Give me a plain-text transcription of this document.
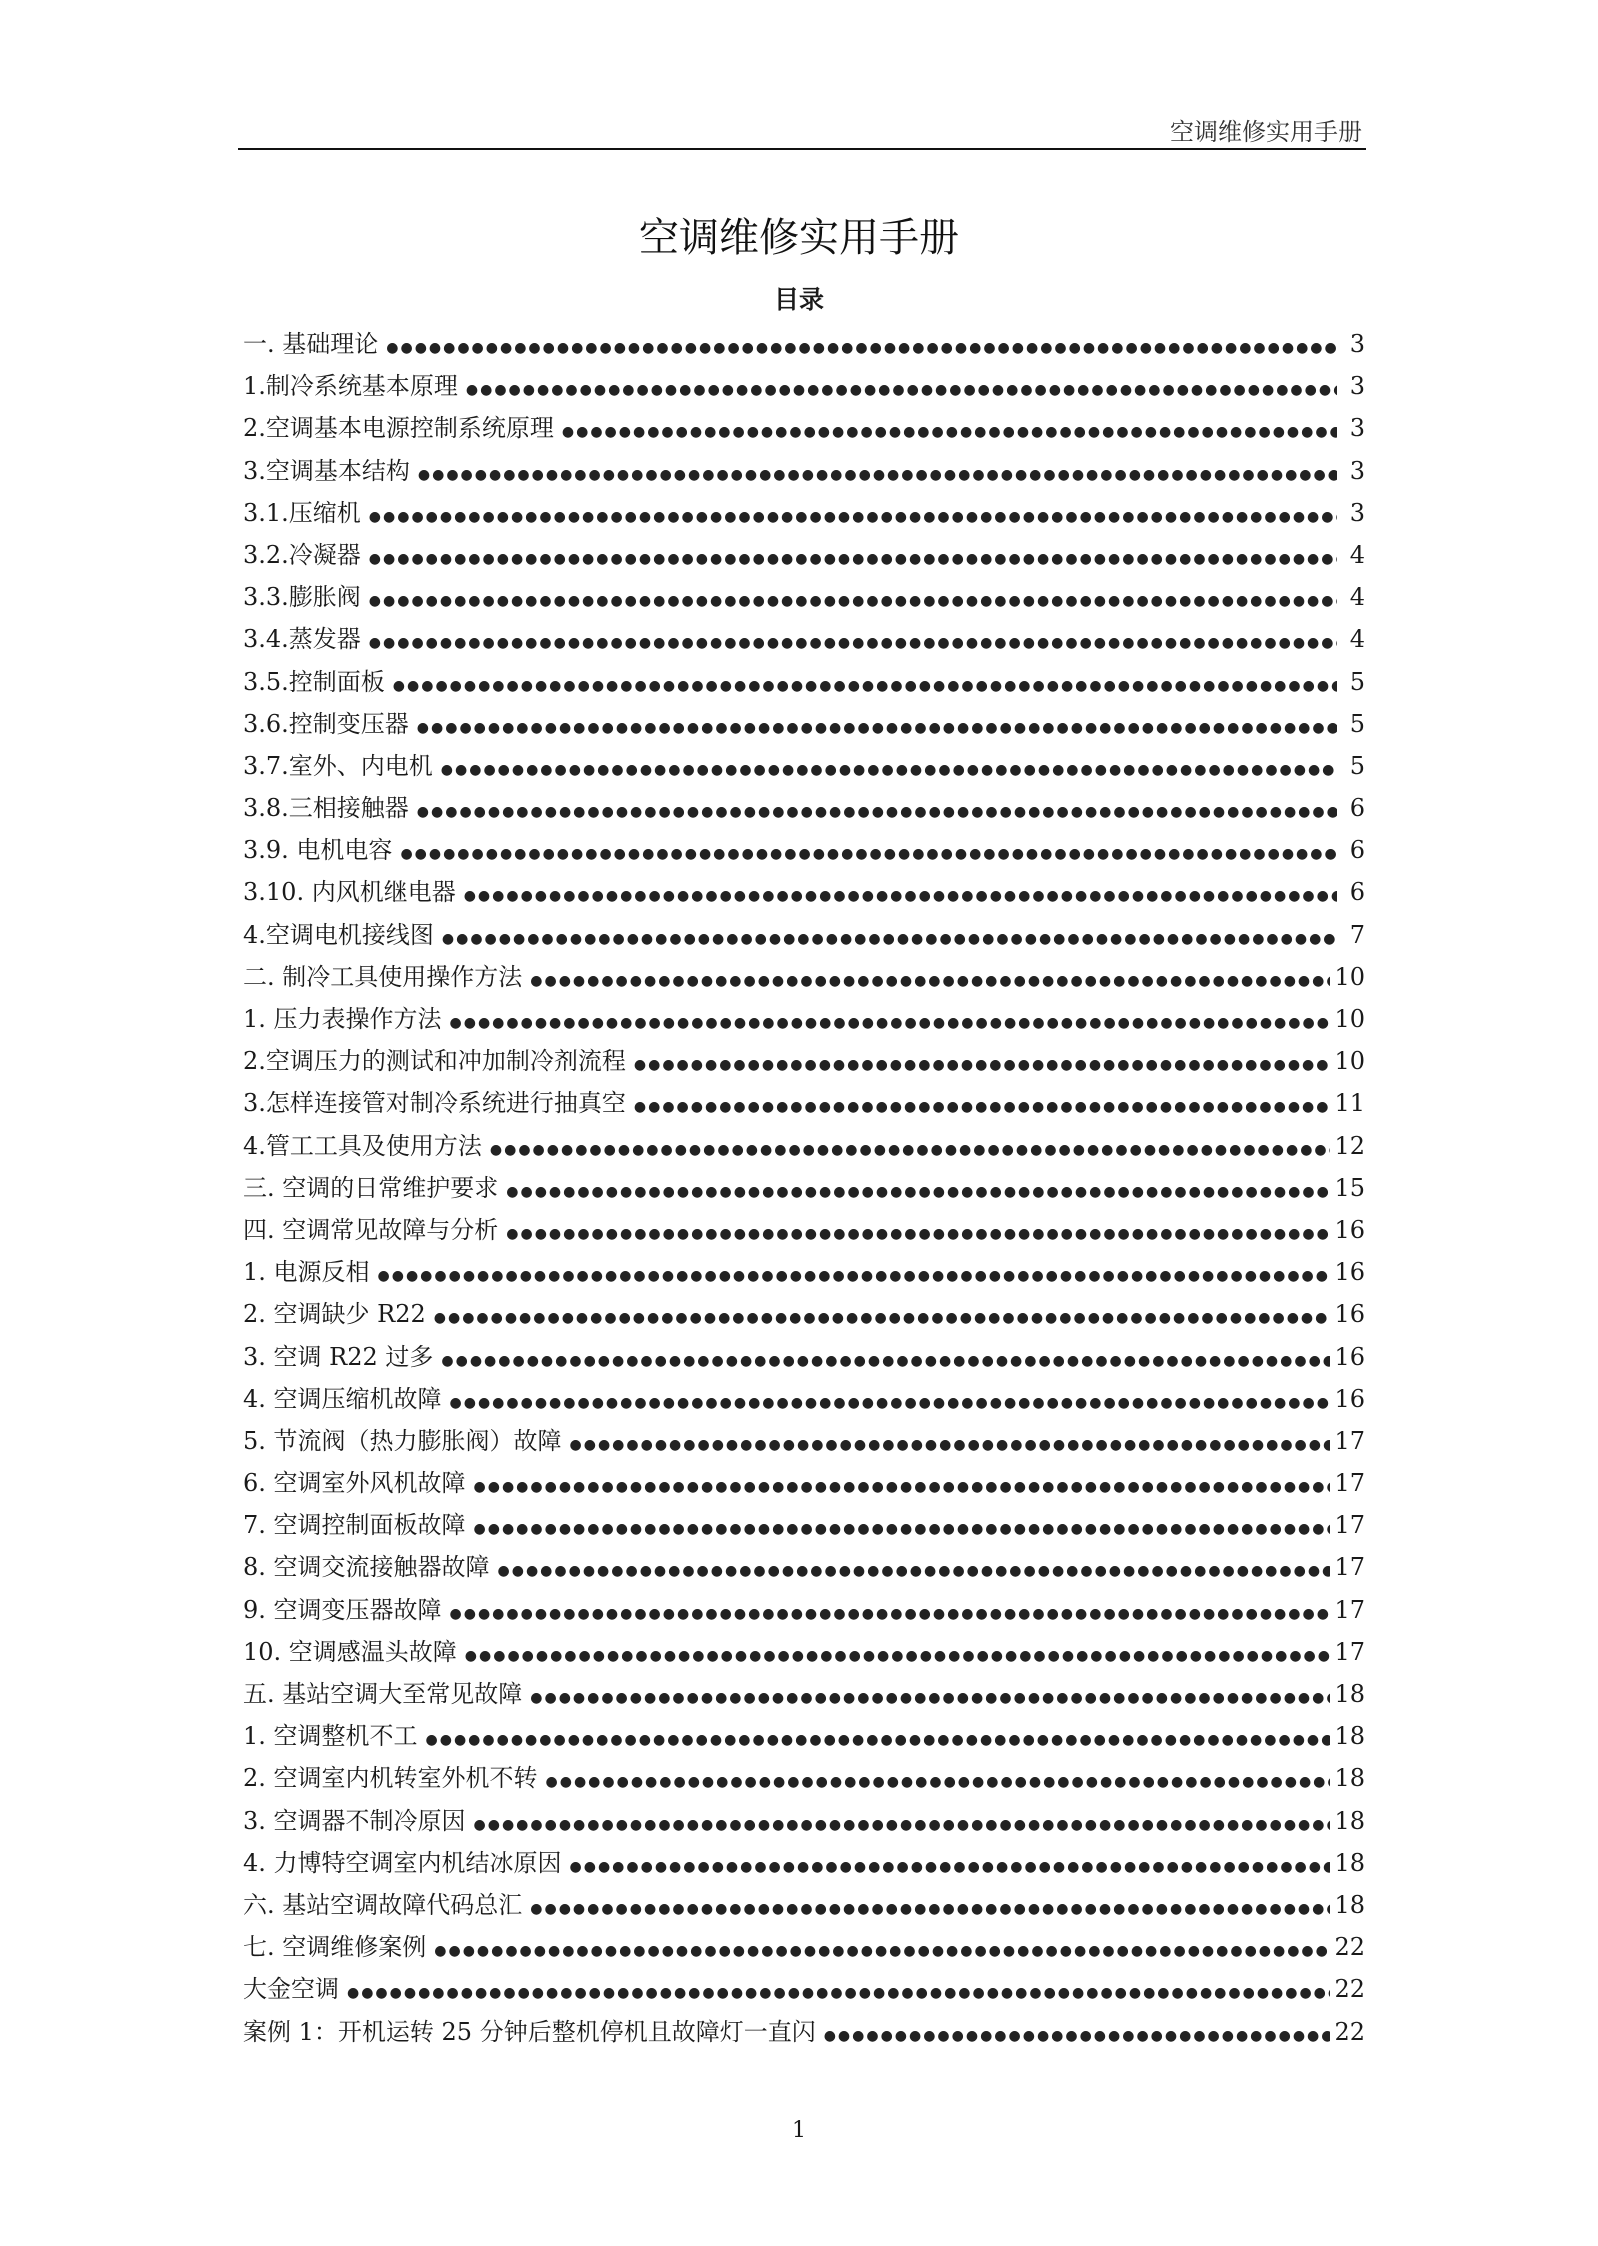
空调维修实用手册
空调维修实用手册
目录
一. 基础理论 ●●●●●●●●●●●●●●●●●●●●●●●●●●●●●●●●●●●●●●●●●●●●●●●●●●●●●●●●●●●●●●●●●●●●●●●●●●●●●●●●●●●●●●●●●●●●●●●●●●●●●●●●●●●●●●●●●●●●●●●●	3
1.制冷系统基本原理 ●●●●●●●●●●●●●●●●●●●●●●●●●●●●●●●●●●●●●●●●●●●●●●●●●●●●●●●●●●●●●●●●●●●●●●●●●●●●●●●●●●●●●●●●●●●●●●●●●●●●●●●●●●●●●●●●●●●●●●●●	3
2.空调基本电源控制系统原理 ●●●●●●●●●●●●●●●●●●●●●●●●●●●●●●●●●●●●●●●●●●●●●●●●●●●●●●●●●●●●●●●●●●●●●●●●●●●●●●●●●●●●●●●●●●●●●●●●●●●●●●●●●●●●●●●●●●●●●●●●	3
3.空调基本结构 ●●●●●●●●●●●●●●●●●●●●●●●●●●●●●●●●●●●●●●●●●●●●●●●●●●●●●●●●●●●●●●●●●●●●●●●●●●●●●●●●●●●●●●●●●●●●●●●●●●●●●●●●●●●●●●●●●●●●●●●●	3
3.1.压缩机 ●●●●●●●●●●●●●●●●●●●●●●●●●●●●●●●●●●●●●●●●●●●●●●●●●●●●●●●●●●●●●●●●●●●●●●●●●●●●●●●●●●●●●●●●●●●●●●●●●●●●●●●●●●●●●●●●●●●●●●●●	3
3.2.冷凝器 ●●●●●●●●●●●●●●●●●●●●●●●●●●●●●●●●●●●●●●●●●●●●●●●●●●●●●●●●●●●●●●●●●●●●●●●●●●●●●●●●●●●●●●●●●●●●●●●●●●●●●●●●●●●●●●●●●●●●●●●●	4
3.3.膨胀阀 ●●●●●●●●●●●●●●●●●●●●●●●●●●●●●●●●●●●●●●●●●●●●●●●●●●●●●●●●●●●●●●●●●●●●●●●●●●●●●●●●●●●●●●●●●●●●●●●●●●●●●●●●●●●●●●●●●●●●●●●●	4
3.4.蒸发器 ●●●●●●●●●●●●●●●●●●●●●●●●●●●●●●●●●●●●●●●●●●●●●●●●●●●●●●●●●●●●●●●●●●●●●●●●●●●●●●●●●●●●●●●●●●●●●●●●●●●●●●●●●●●●●●●●●●●●●●●●	4
3.5.控制面板 ●●●●●●●●●●●●●●●●●●●●●●●●●●●●●●●●●●●●●●●●●●●●●●●●●●●●●●●●●●●●●●●●●●●●●●●●●●●●●●●●●●●●●●●●●●●●●●●●●●●●●●●●●●●●●●●●●●●●●●●●	5
3.6.控制变压器 ●●●●●●●●●●●●●●●●●●●●●●●●●●●●●●●●●●●●●●●●●●●●●●●●●●●●●●●●●●●●●●●●●●●●●●●●●●●●●●●●●●●●●●●●●●●●●●●●●●●●●●●●●●●●●●●●●●●●●●●●	5
3.7.室外、内电机 ●●●●●●●●●●●●●●●●●●●●●●●●●●●●●●●●●●●●●●●●●●●●●●●●●●●●●●●●●●●●●●●●●●●●●●●●●●●●●●●●●●●●●●●●●●●●●●●●●●●●●●●●●●●●●●●●●●●●●●●●	5
3.8.三相接触器 ●●●●●●●●●●●●●●●●●●●●●●●●●●●●●●●●●●●●●●●●●●●●●●●●●●●●●●●●●●●●●●●●●●●●●●●●●●●●●●●●●●●●●●●●●●●●●●●●●●●●●●●●●●●●●●●●●●●●●●●●	6
3.9. 电机电容 ●●●●●●●●●●●●●●●●●●●●●●●●●●●●●●●●●●●●●●●●●●●●●●●●●●●●●●●●●●●●●●●●●●●●●●●●●●●●●●●●●●●●●●●●●●●●●●●●●●●●●●●●●●●●●●●●●●●●●●●●	6
3.10. 内风机继电器 ●●●●●●●●●●●●●●●●●●●●●●●●●●●●●●●●●●●●●●●●●●●●●●●●●●●●●●●●●●●●●●●●●●●●●●●●●●●●●●●●●●●●●●●●●●●●●●●●●●●●●●●●●●●●●●●●●●●●●●●●	6
4.空调电机接线图 ●●●●●●●●●●●●●●●●●●●●●●●●●●●●●●●●●●●●●●●●●●●●●●●●●●●●●●●●●●●●●●●●●●●●●●●●●●●●●●●●●●●●●●●●●●●●●●●●●●●●●●●●●●●●●●●●●●●●●●●●	7
二. 制冷工具使用操作方法 ●●●●●●●●●●●●●●●●●●●●●●●●●●●●●●●●●●●●●●●●●●●●●●●●●●●●●●●●●●●●●●●●●●●●●●●●●●●●●●●●●●●●●●●●●●●●●●●●●●●●●●●●●●●●●●●●●●●●●●●●	10
1. 压力表操作方法 ●●●●●●●●●●●●●●●●●●●●●●●●●●●●●●●●●●●●●●●●●●●●●●●●●●●●●●●●●●●●●●●●●●●●●●●●●●●●●●●●●●●●●●●●●●●●●●●●●●●●●●●●●●●●●●●●●●●●●●●●	10
2.空调压力的测试和冲加制冷剂流程 ●●●●●●●●●●●●●●●●●●●●●●●●●●●●●●●●●●●●●●●●●●●●●●●●●●●●●●●●●●●●●●●●●●●●●●●●●●●●●●●●●●●●●●●●●●●●●●●●●●●●●●●●●●●●●●●●●●●●●●●●	10
3.怎样连接管对制冷系统进行抽真空 ●●●●●●●●●●●●●●●●●●●●●●●●●●●●●●●●●●●●●●●●●●●●●●●●●●●●●●●●●●●●●●●●●●●●●●●●●●●●●●●●●●●●●●●●●●●●●●●●●●●●●●●●●●●●●●●●●●●●●●●●	11
4.管工工具及使用方法 ●●●●●●●●●●●●●●●●●●●●●●●●●●●●●●●●●●●●●●●●●●●●●●●●●●●●●●●●●●●●●●●●●●●●●●●●●●●●●●●●●●●●●●●●●●●●●●●●●●●●●●●●●●●●●●●●●●●●●●●●	12
三. 空调的日常维护要求 ●●●●●●●●●●●●●●●●●●●●●●●●●●●●●●●●●●●●●●●●●●●●●●●●●●●●●●●●●●●●●●●●●●●●●●●●●●●●●●●●●●●●●●●●●●●●●●●●●●●●●●●●●●●●●●●●●●●●●●●●	15
四. 空调常见故障与分析 ●●●●●●●●●●●●●●●●●●●●●●●●●●●●●●●●●●●●●●●●●●●●●●●●●●●●●●●●●●●●●●●●●●●●●●●●●●●●●●●●●●●●●●●●●●●●●●●●●●●●●●●●●●●●●●●●●●●●●●●●	16
1. 电源反相 ●●●●●●●●●●●●●●●●●●●●●●●●●●●●●●●●●●●●●●●●●●●●●●●●●●●●●●●●●●●●●●●●●●●●●●●●●●●●●●●●●●●●●●●●●●●●●●●●●●●●●●●●●●●●●●●●●●●●●●●●	16
2. 空调缺少 R22 ●●●●●●●●●●●●●●●●●●●●●●●●●●●●●●●●●●●●●●●●●●●●●●●●●●●●●●●●●●●●●●●●●●●●●●●●●●●●●●●●●●●●●●●●●●●●●●●●●●●●●●●●●●●●●●●●●●●●●●●●	16
3. 空调 R22 过多 ●●●●●●●●●●●●●●●●●●●●●●●●●●●●●●●●●●●●●●●●●●●●●●●●●●●●●●●●●●●●●●●●●●●●●●●●●●●●●●●●●●●●●●●●●●●●●●●●●●●●●●●●●●●●●●●●●●●●●●●●	16
4. 空调压缩机故障 ●●●●●●●●●●●●●●●●●●●●●●●●●●●●●●●●●●●●●●●●●●●●●●●●●●●●●●●●●●●●●●●●●●●●●●●●●●●●●●●●●●●●●●●●●●●●●●●●●●●●●●●●●●●●●●●●●●●●●●●●	16
5. 节流阀（热力膨胀阀）故障 ●●●●●●●●●●●●●●●●●●●●●●●●●●●●●●●●●●●●●●●●●●●●●●●●●●●●●●●●●●●●●●●●●●●●●●●●●●●●●●●●●●●●●●●●●●●●●●●●●●●●●●●●●●●●●●●●●●●●●●●●	17
6. 空调室外风机故障 ●●●●●●●●●●●●●●●●●●●●●●●●●●●●●●●●●●●●●●●●●●●●●●●●●●●●●●●●●●●●●●●●●●●●●●●●●●●●●●●●●●●●●●●●●●●●●●●●●●●●●●●●●●●●●●●●●●●●●●●●	17
7. 空调控制面板故障 ●●●●●●●●●●●●●●●●●●●●●●●●●●●●●●●●●●●●●●●●●●●●●●●●●●●●●●●●●●●●●●●●●●●●●●●●●●●●●●●●●●●●●●●●●●●●●●●●●●●●●●●●●●●●●●●●●●●●●●●●	17
8. 空调交流接触器故障 ●●●●●●●●●●●●●●●●●●●●●●●●●●●●●●●●●●●●●●●●●●●●●●●●●●●●●●●●●●●●●●●●●●●●●●●●●●●●●●●●●●●●●●●●●●●●●●●●●●●●●●●●●●●●●●●●●●●●●●●●	17
9. 空调变压器故障 ●●●●●●●●●●●●●●●●●●●●●●●●●●●●●●●●●●●●●●●●●●●●●●●●●●●●●●●●●●●●●●●●●●●●●●●●●●●●●●●●●●●●●●●●●●●●●●●●●●●●●●●●●●●●●●●●●●●●●●●●	17
10. 空调感温头故障 ●●●●●●●●●●●●●●●●●●●●●●●●●●●●●●●●●●●●●●●●●●●●●●●●●●●●●●●●●●●●●●●●●●●●●●●●●●●●●●●●●●●●●●●●●●●●●●●●●●●●●●●●●●●●●●●●●●●●●●●●	17
五. 基站空调大至常见故障 ●●●●●●●●●●●●●●●●●●●●●●●●●●●●●●●●●●●●●●●●●●●●●●●●●●●●●●●●●●●●●●●●●●●●●●●●●●●●●●●●●●●●●●●●●●●●●●●●●●●●●●●●●●●●●●●●●●●●●●●●	18
1. 空调整机不工 ●●●●●●●●●●●●●●●●●●●●●●●●●●●●●●●●●●●●●●●●●●●●●●●●●●●●●●●●●●●●●●●●●●●●●●●●●●●●●●●●●●●●●●●●●●●●●●●●●●●●●●●●●●●●●●●●●●●●●●●●	18
2. 空调室内机转室外机不转 ●●●●●●●●●●●●●●●●●●●●●●●●●●●●●●●●●●●●●●●●●●●●●●●●●●●●●●●●●●●●●●●●●●●●●●●●●●●●●●●●●●●●●●●●●●●●●●●●●●●●●●●●●●●●●●●●●●●●●●●●	18
3. 空调器不制冷原因 ●●●●●●●●●●●●●●●●●●●●●●●●●●●●●●●●●●●●●●●●●●●●●●●●●●●●●●●●●●●●●●●●●●●●●●●●●●●●●●●●●●●●●●●●●●●●●●●●●●●●●●●●●●●●●●●●●●●●●●●●	18
4. 力博特空调室内机结冰原因 ●●●●●●●●●●●●●●●●●●●●●●●●●●●●●●●●●●●●●●●●●●●●●●●●●●●●●●●●●●●●●●●●●●●●●●●●●●●●●●●●●●●●●●●●●●●●●●●●●●●●●●●●●●●●●●●●●●●●●●●●	18
六. 基站空调故障代码总汇 ●●●●●●●●●●●●●●●●●●●●●●●●●●●●●●●●●●●●●●●●●●●●●●●●●●●●●●●●●●●●●●●●●●●●●●●●●●●●●●●●●●●●●●●●●●●●●●●●●●●●●●●●●●●●●●●●●●●●●●●●	18
七. 空调维修案例 ●●●●●●●●●●●●●●●●●●●●●●●●●●●●●●●●●●●●●●●●●●●●●●●●●●●●●●●●●●●●●●●●●●●●●●●●●●●●●●●●●●●●●●●●●●●●●●●●●●●●●●●●●●●●●●●●●●●●●●●●	22
大金空调 ●●●●●●●●●●●●●●●●●●●●●●●●●●●●●●●●●●●●●●●●●●●●●●●●●●●●●●●●●●●●●●●●●●●●●●●●●●●●●●●●●●●●●●●●●●●●●●●●●●●●●●●●●●●●●●●●●●●●●●●●	22
案例 1：开机运转 25 分钟后整机停机且故障灯一直闪 ●●●●●●●●●●●●●●●●●●●●●●●●●●●●●●●●●●●●●●●●●●●●●●●●●●●●●●●●●●●●●●●●●●●●●●●●●●●●●●●●●●●●●●●●●●●●●●●●●●●●●●●●●●●●●●●●●●●●●●●●	22
1
